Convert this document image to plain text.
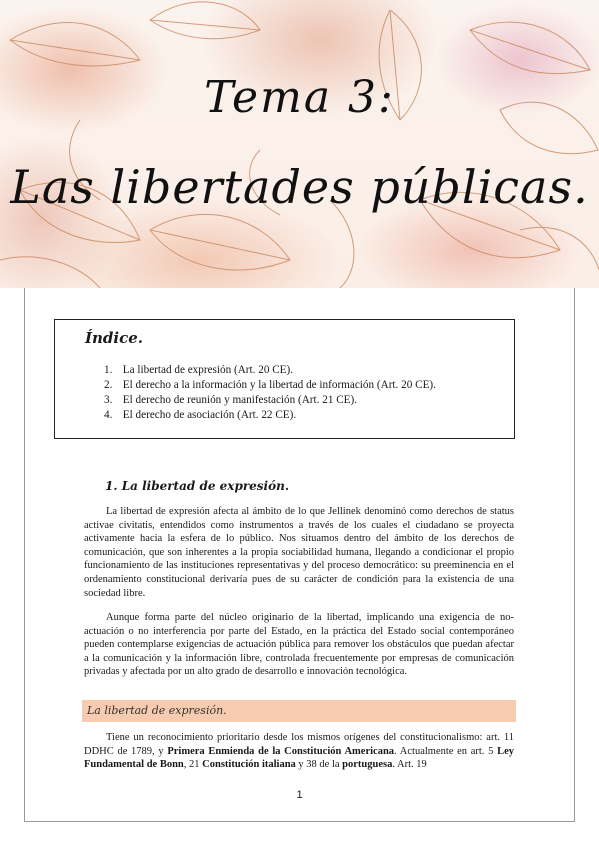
Tema 3:
Las libertades públicas.
Índice.
1. La libertad de expresión (Art. 20 CE).
2. El derecho a la información y la libertad de información (Art. 20 CE).
3. El derecho de reunión y manifestación (Art. 21 CE).
4. El derecho de asociación (Art. 22 CE).
1. La libertad de expresión.

La libertad de expresión afecta al ámbito de lo que Jellinek denominó como derechos de status activae civitatis, entendidos como instrumentos a través de los cuales el ciudadano se proyecta activamente hacia la esfera de lo público. Nos situamos dentro del ámbito de los derechos de comunicación, que son inherentes a la propia sociabilidad humana, llegando a condicionar el propio funcionamiento de las instituciones representativas y del proceso democrático: su preeminencia en el ordenamiento constitucional derivaría pues de su carácter de condición para la existencia de una sociedad libre.

Aunque forma parte del núcleo originario de la libertad, implicando una exigencia de no-actuación o no interferencia por parte del Estado, en la práctica del Estado social contemporáneo pueden contemplarse exigencias de actuación pública para remover los obstáculos que puedan afectar a la comunicación y la información libre, controlada frecuentemente por empresas de comunicación privadas y afectada por un alto grado de desarrollo e innovación tecnológica.

La libertad de expresión.

Tiene un reconocimiento prioritario desde los mismos orígenes del constitucionalismo: art. 11 DDHC de 1789, y Primera Enmienda de la Constitución Americana. Actualmente en art. 5 Ley Fundamental de Bonn, 21 Constitución italiana y 38 de la portuguesa. Art. 19

1
